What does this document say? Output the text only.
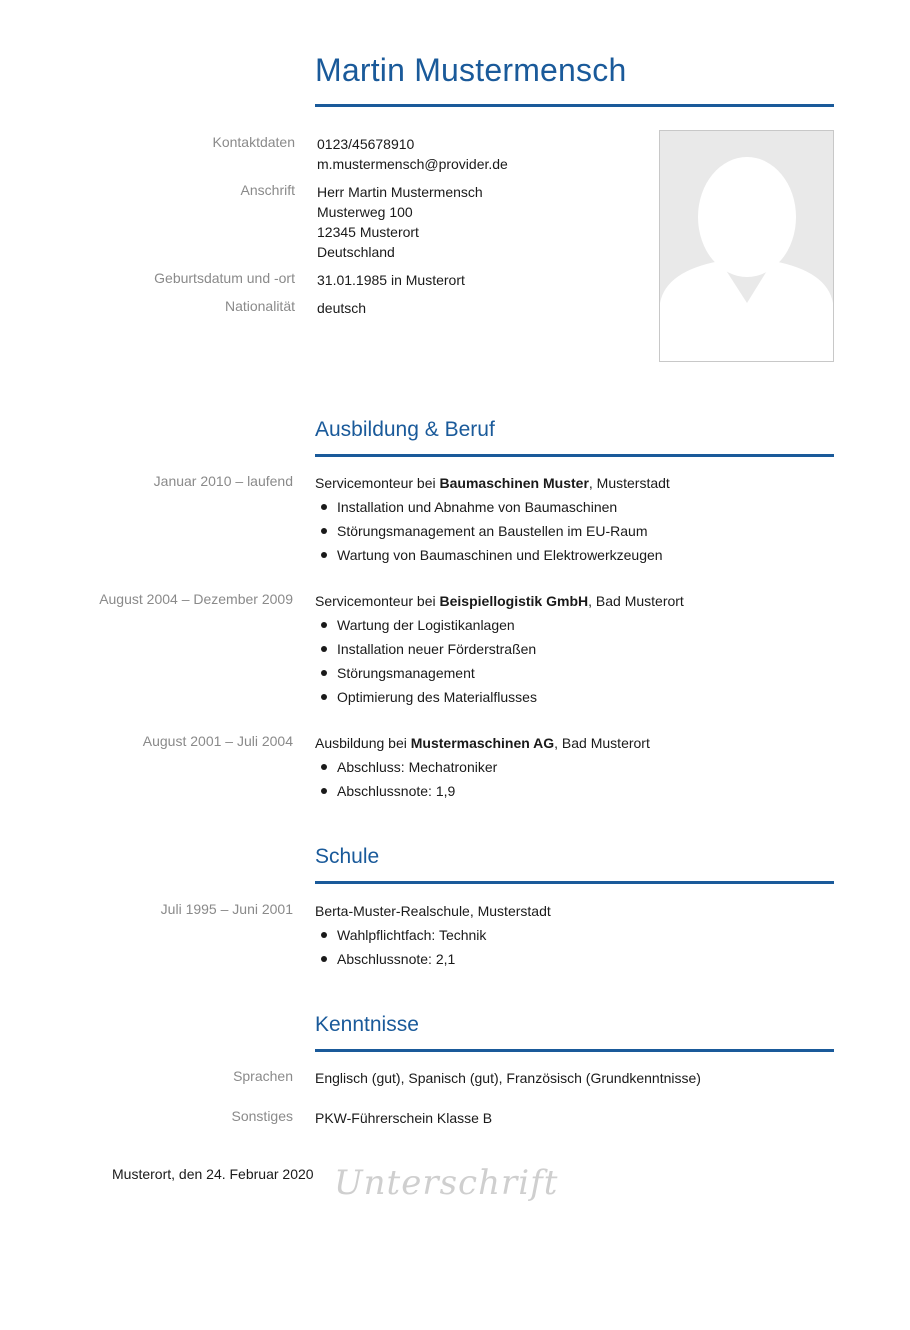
Martin Mustermensch
Kontaktdaten 0123/45678910
m.mustermensch@provider.de
Anschrift Herr Martin Mustermensch
Musterweg 100
12345 Musterort
Deutschland
Geburtsdatum und -ort 31.01.1985 in Musterort
Nationalität deutsch
Ausbildung & Beruf
Januar 2010 – laufend Servicemonteur bei Baumaschinen Muster, Musterstadt
Installation und Abnahme von Baumaschinen
Störungsmanagement an Baustellen im EU-Raum
Wartung von Baumaschinen und Elektrowerkzeugen
August 2004 – Dezember 2009 Servicemonteur bei Beispiellogistik GmbH, Bad Musterort
Wartung der Logistikanlagen
Installation neuer Förderstraßen
Störungsmanagement
Optimierung des Materialflusses
August 2001 – Juli 2004 Ausbildung bei Mustermaschinen AG, Bad Musterort
Abschluss: Mechatroniker
Abschlussnote: 1,9
Schule
Juli 1995 – Juni 2001 Berta-Muster-Realschule, Musterstadt
Wahlpflichtfach: Technik
Abschlussnote: 2,1
Kenntnisse
Sprachen Englisch (gut), Spanisch (gut), Französisch (Grundkenntnisse)
Sonstiges PKW-Führerschein Klasse B
Musterort, den 24. Februar 2020 Unterschrift
